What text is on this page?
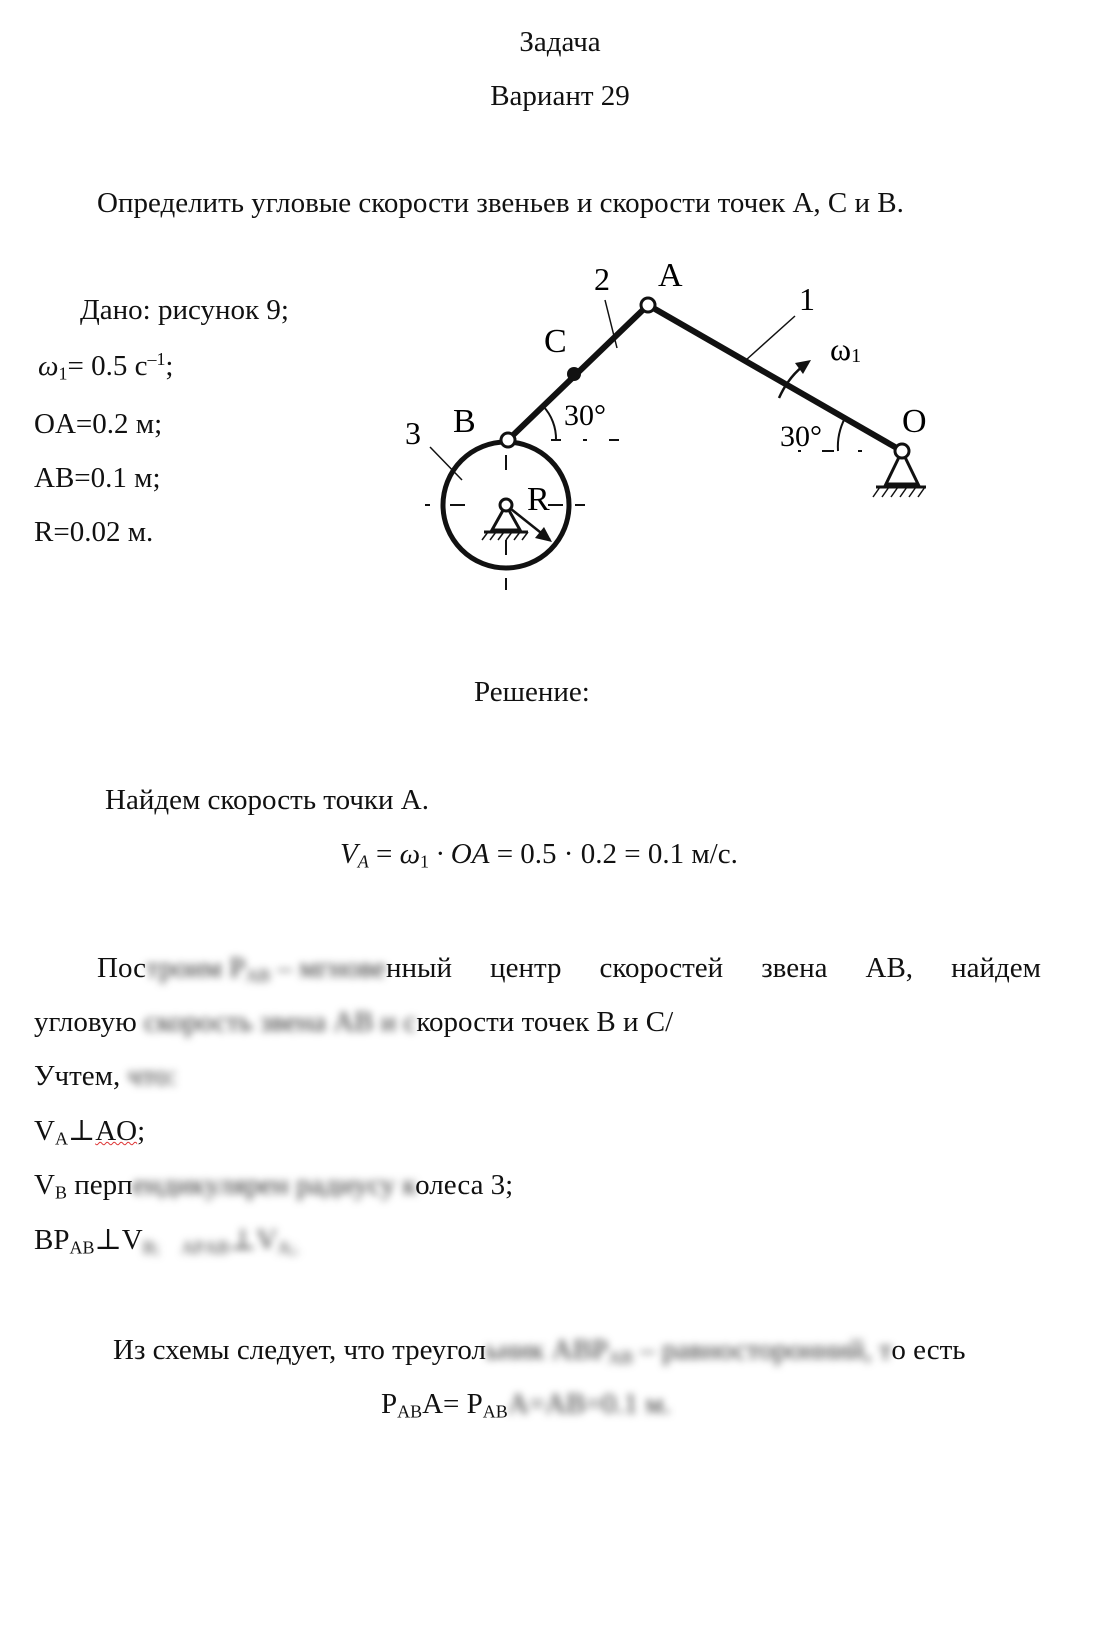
Задача
Вариант 29
Определить угловые скорости звеньев и скорости точек A, C и B.
Дано: рисунок 9;
$\omega_1= 0.5$ $с^{-1}$;
OA=0.2 м;
AB=0.1 м;
R=0.02 м.
2 A
1
C	ω1
3 B	30°
30° O
R
Решение:
Найдем скорость точки A.
$V_A = \omega_1$ · OA = 0.5 · 0.2 = 0.1 м/с.
Построим $P_{AB}$ – мгновенный центр скоростей звена AB, найдем
угловую скорость звена AB и скорости точек B и C/
Учтем, что:
$V_A\perp AO$;
$V_B$ перпендикулярен радиусу колеса 3;
$BP_{AB}\perp V_{B; APAB}\perp V_{A;.}$
Из схемы следует, что треугольник $ABP_{AB}$ – равносторонний, то есть
$P_{AB}A= P_{AB}A=AB=0.1$ м.
